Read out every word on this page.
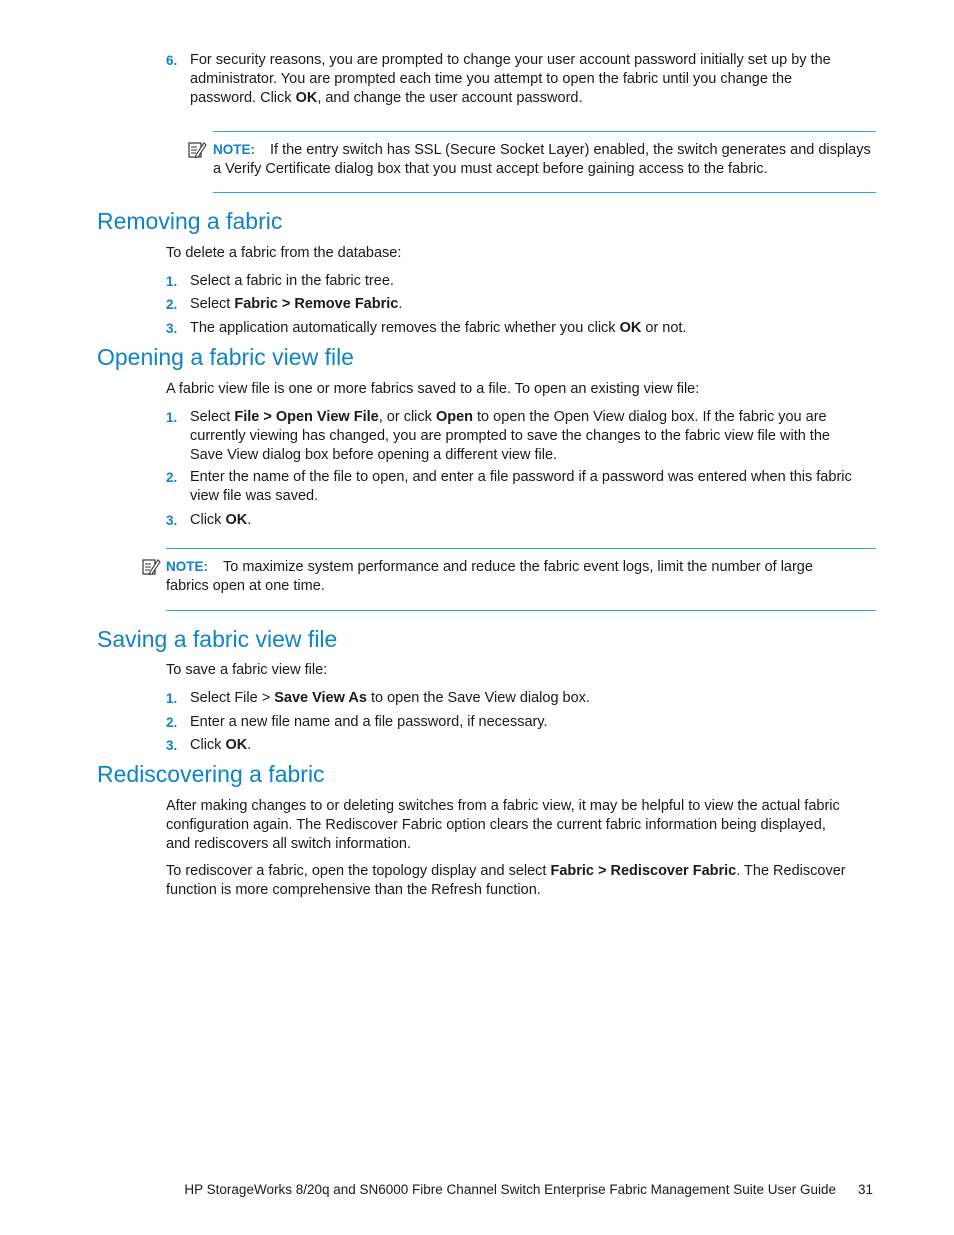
6. For security reasons, you are prompted to change your user account password initially set up by the
administrator. You are prompted each time you attempt to open the fabric until you change the
password. Click OK, and change the user account password.
NOTE: If the entry switch has SSL (Secure Socket Layer) enabled, the switch generates and displays
a Verify Certificate dialog box that you must accept before gaining access to the fabric.
Removing a fabric
To delete a fabric from the database:
1. Select a fabric in the fabric tree.
2. Select Fabric > Remove Fabric.
3. The application automatically removes the fabric whether you click OK or not.
Opening a fabric view file
A fabric view file is one or more fabrics saved to a file. To open an existing view file:
1. Select File > Open View File, or click Open to open the Open View dialog box. If the fabric you are
currently viewing has changed, you are prompted to save the changes to the fabric view file with the
Save View dialog box before opening a different view file.
2. Enter the name of the file to open, and enter a file password if a password was entered when this fabric
view file was saved.
3. Click OK.
NOTE: To maximize system performance and reduce the fabric event logs, limit the number of large
fabrics open at one time.
Saving a fabric view file
To save a fabric view file:
1. Select File > Save View As to open the Save View dialog box.
2. Enter a new file name and a file password, if necessary.
3. Click OK.
Rediscovering a fabric
After making changes to or deleting switches from a fabric view, it may be helpful to view the actual fabric
configuration again. The Rediscover Fabric option clears the current fabric information being displayed,
and rediscovers all switch information.
To rediscover a fabric, open the topology display and select Fabric > Rediscover Fabric. The Rediscover
function is more comprehensive than the Refresh function.
HP StorageWorks 8/20q and SN6000 Fibre Channel Switch Enterprise Fabric Management Suite User Guide 31
